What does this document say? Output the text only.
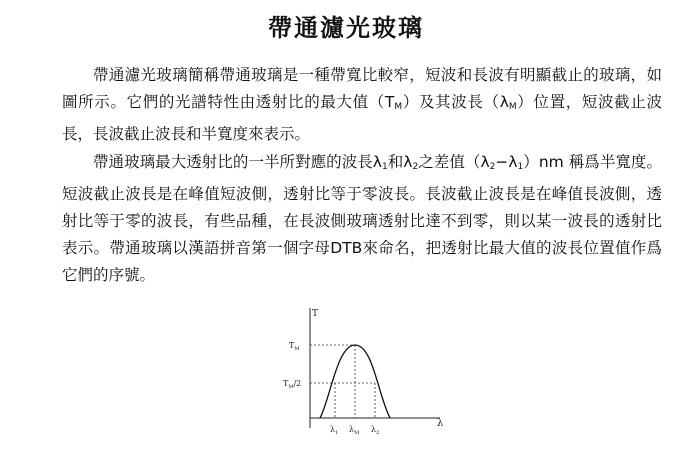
帶通濾光玻璃

帶通濾光玻璃簡稱帶通玻璃是一種帶寬比較窄，短波和長波有明顯截止的玻璃，如圖所示。它們的光譜特性由透射比的最大值$(T_M)$及其波長$(\lambda_M)$位置，短波截止波長，長波截止波長和半寬度來表示。

帶通玻璃最大透射比的一半所對應的波長$\lambda_1$和$\lambda_2$之差值$(\lambda_2-\lambda_1)nm$ 稱爲半寬度。短波截止波長是在峰值短波側，透射比等于零波長。長波截止波長是在峰值長波側，透射比等于零的波長，有些品種，在長波側玻璃透射比達不到零，則以某一波長的透射比表示。帶通玻璃以漢語拼音第一個字母DTB來命名，把透射比最大值的波長位置值作爲它們的序號。

T
λ
$T_M$
$T_M/2$
$\lambda_1$ $\lambda_M$ $\lambda_2$
